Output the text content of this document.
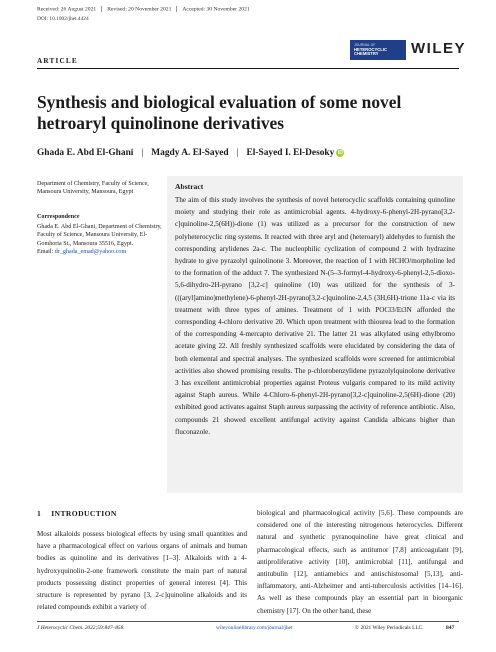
Received: 26 August 2021 Revised: 20 November 2021 Accepted: 30 November 2021
DOI: 10.1002/jhet.4424
JOURNAL OF
HETEROCYCLIC CHEMISTRY	WILEY
ARTICLE
Synthesis and biological evaluation of some novel hetroaryl quinolinone derivatives
Ghada E. Abd El-Ghani | Magdy A. El-Sayed | El-Sayed I. El-Desoky iD
Department of Chemistry, Faculty of Science, Mansoura University, Mansoura, Egypt
Correspondence
Ghada E. Abd El-Ghani, Department of Chemistry, Faculty of Science, Mansoura University, El-Gomhoria St., Mansoura 35516, Egypt.
Email: dr_ghada_emad@yahoo.com
Abstract
The aim of this study involves the synthesis of novel heterocyclic scaffolds containing quinoline moiety and studying their role as antimicrobial agents. 4-hydroxy-6-phenyl-2H-pyrano[3,2-c]quinoline-2,5(6H))-dione (1) was utilized as a precursor for the construction of new polyheterocyclic ring systems. It reacted with three aryl and (heteroaryl) aldehydes to furnish the corresponding arylidenes 2a-c. The nucleophilic cyclization of compound 2 with hydrazine hydrate to give pyrazolyl quinolinone 3. Moreover, the reaction of 1 with HCHO/morpholine led to the formation of the adduct 7. The synthesized N-(5–3-formyl-4-hydroxy-6-phenyl-2,5-dioxo-5,6-dihydro-2H-pyrano [3,2-c] quinoline (10) was utilized for the synthesis of 3-(((aryl]amino)methylene)-6-phenyl-2H-pyrano[3,2-c]quinoline-2,4,5 (3H,6H)-trione 11a-c via its treatment with three types of amines. Treatment of 1 with POCl3/Et3N afforded the corresponding 4-chloro derivative 20. Which upon treatment with thiourea lead to the formation of the corresponding 4-mercapto derivative 21. The latter 21 was alkylated using ethylbromo acetate giving 22. All freshly synthesized scaffolds were elucidated by considering the data of both elemental and spectral analyses. The synthesized scaffolds were screened for antimicrobial activities also showed promising results. The p-chlorobenzylidene pyrazolylquinolone derivative 3 has excellent antimicrobial properties against Proteus vulgaris compared to its mild activity against Staph aureus. While 4-Chloro-6-phenyl-2H-pyrano[3,2-c]quinoline-2,5(6H)-dione (20) exhibited good activates against Staph aureus surpassing the activity of reference antibiotic. Also, compounds 21 showed excellent antifungal activity against Candida albicans higher than fluconazole.
1 INTRODUCTION
Most alkaloids possess biological effects by using small quantities and have a pharmacological effect on various organs of animals and human bodies as quinoline and its derivatives [1–3]. Alkaloids with a 4-hydroxyquinolin-2-one framework constitute the main part of natural products possessing distinct properties of general interest [4]. This structure is represented by pyrano [3, 2-c]quinoline alkaloids and its related compounds exhibit a variety of
biological and pharmacological activity [5,6]. These compounds are considered one of the interesting nitrogenous heterocycles. Different natural and synthetic pyranoquinoline have great clinical and pharmacological effects, such as antitumor [7,8] anticoagulant [9], antiproliferative activity [10], antimicrobial [11], antifungal and antitubulin [12], antiamebics and antischistosomal [5,13], anti-inflammatory, anti-Alzheimer and anti-tuberculosis activities [14–16]. As well as these compounds play an essential part in bioorganic chemistry [17]. On the other hand, these
J Heterocyclic Chem. 2022;59:847–858.	wileyonlinelibrary.com/journal/jhet	© 2021 Wiley Periodicals LLC.	847
